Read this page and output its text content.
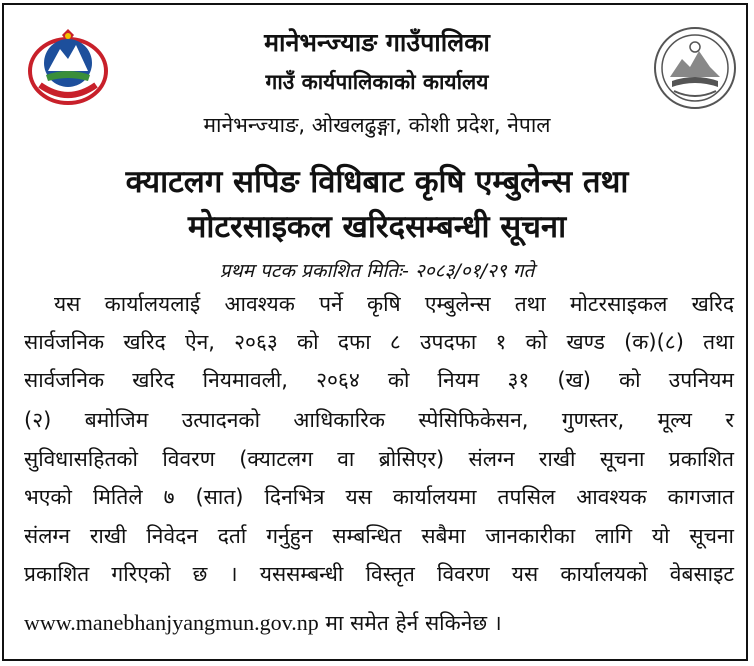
मानेभन्ज्याङ गाउँपालिका
गाउँ कार्यपालिकाको कार्यालय
मानेभन्ज्याङ, ओखलढुङ्गा, कोशी प्रदेश, नेपाल
क्याटलग सपिङ विधिबाट कृषि एम्बुलेन्स तथा
मोटरसाइकल खरिदसम्बन्धी सूचना
प्रथम पटक प्रकाशित मितिः- २०८३/०१/२९ गते
यस कार्यालयलाई आवश्यक पर्ने कृषि एम्बुलेन्स तथा मोटरसाइकल खरिद
सार्वजनिक खरिद ऐन, २०६३ को दफा ८ उपदफा १ को खण्ड (क)(८) तथा
सार्वजनिक खरिद नियमावली, २०६४ को नियम ३१ (ख) को उपनियम
(२) बमोजिम उत्पादनको आधिकारिक स्पेसिफिकेसन, गुणस्तर, मूल्य र
सुविधासहितको विवरण (क्याटलग वा ब्रोसिएर) संलग्न राखी सूचना प्रकाशित
भएको मितिले ७ (सात) दिनभित्र यस कार्यालयमा तपसिल आवश्यक कागजात
संलग्न राखी निवेदन दर्ता गर्नुहुन सम्बन्धित सबैमा जानकारीका लागि यो सूचना
प्रकाशित गरिएको छ । यससम्बन्धी विस्तृत विवरण यस कार्यालयको वेबसाइट
www.manebhanjyangmun.gov.np मा समेत हेर्न सकिनेछ ।
